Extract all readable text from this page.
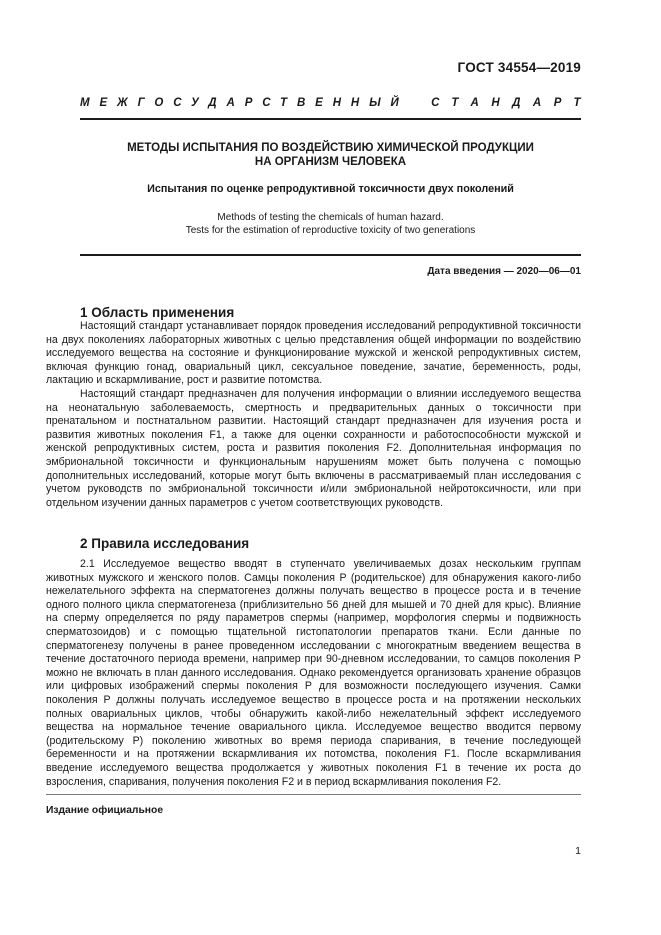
ГОСТ 34554—2019
МЕЖГОСУДАРСТВЕННЫЙ СТАНДАРТ
МЕТОДЫ ИСПЫТАНИЯ ПО ВОЗДЕЙСТВИЮ ХИМИЧЕСКОЙ ПРОДУКЦИИ
НА ОРГАНИЗМ ЧЕЛОВЕКА
Испытания по оценке репродуктивной токсичности двух поколений
Methods of testing the chemicals of human hazard.
Tests for the estimation of reproductive toxicity of two generations
Дата введения — 2020—06—01
1 Область применения

Настоящий стандарт устанавливает порядок проведения исследований репродуктивной токсичности на двух поколениях лабораторных животных с целью представления общей информации по воздействию исследуемого вещества на состояние и функционирование мужской и женской репродуктивных систем, включая функцию гонад, овариальный цикл, сексуальное поведение, зачатие, беременность, роды, лактацию и вскармливание, рост и развитие потомства.

Настоящий стандарт предназначен для получения информации о влиянии исследуемого вещества на неонатальную заболеваемость, смертность и предварительных данных о токсичности при пренатальном и постнатальном развитии. Настоящий стандарт предназначен для изучения роста и развития животных поколения F1, а также для оценки сохранности и работоспособности мужской и женской репродуктивных систем, роста и развития поколения F2. Дополнительная информация по эмбриональной токсичности и функциональным нарушениям может быть получена с помощью дополнительных исследований, которые могут быть включены в рассматриваемый план исследования с учетом руководств по эмбриональной токсичности и/или эмбриональной нейротоксичности, или при отдельном изучении данных параметров с учетом соответствующих руководств.

2 Правила исследования

2.1 Исследуемое вещество вводят в ступенчато увеличиваемых дозах нескольким группам животных мужского и женского полов. Самцы поколения P (родительское) для обнаружения какого-либо нежелательного эффекта на сперматогенез должны получать вещество в процессе роста и в течение одного полного цикла сперматогенеза (приблизительно 56 дней для мышей и 70 дней для крыс). Влияние на сперму определяется по ряду параметров спермы (например, морфология спермы и подвижность сперматозоидов) и с помощью тщательной гистопатологии препаратов ткани. Если данные по сперматогенезу получены в ранее проведенном исследовании с многократным введением вещества в течение достаточного периода времени, например при 90-дневном исследовании, то самцов поколения P можно не включать в план данного исследования. Однако рекомендуется организовать хранение образцов или цифровых изображений спермы поколения P для возможности последующего изучения. Самки поколения P должны получать исследуемое вещество в процессе роста и на протяжении нескольких полных овариальных циклов, чтобы обнаружить какой-либо нежелательный эффект исследуемого вещества на нормальное течение овариального цикла. Исследуемое вещество вводится первому (родительскому P) поколению животных во время периода спаривания, в течение последующей беременности и на протяжении вскармливания их потомства, поколения F1. После вскармливания введение исследуемого вещества продолжается у животных поколения F1 в течение их роста до взросления, спаривания, получения поколения F2 и в период вскармливания поколения F2.

Издание официальное
1
